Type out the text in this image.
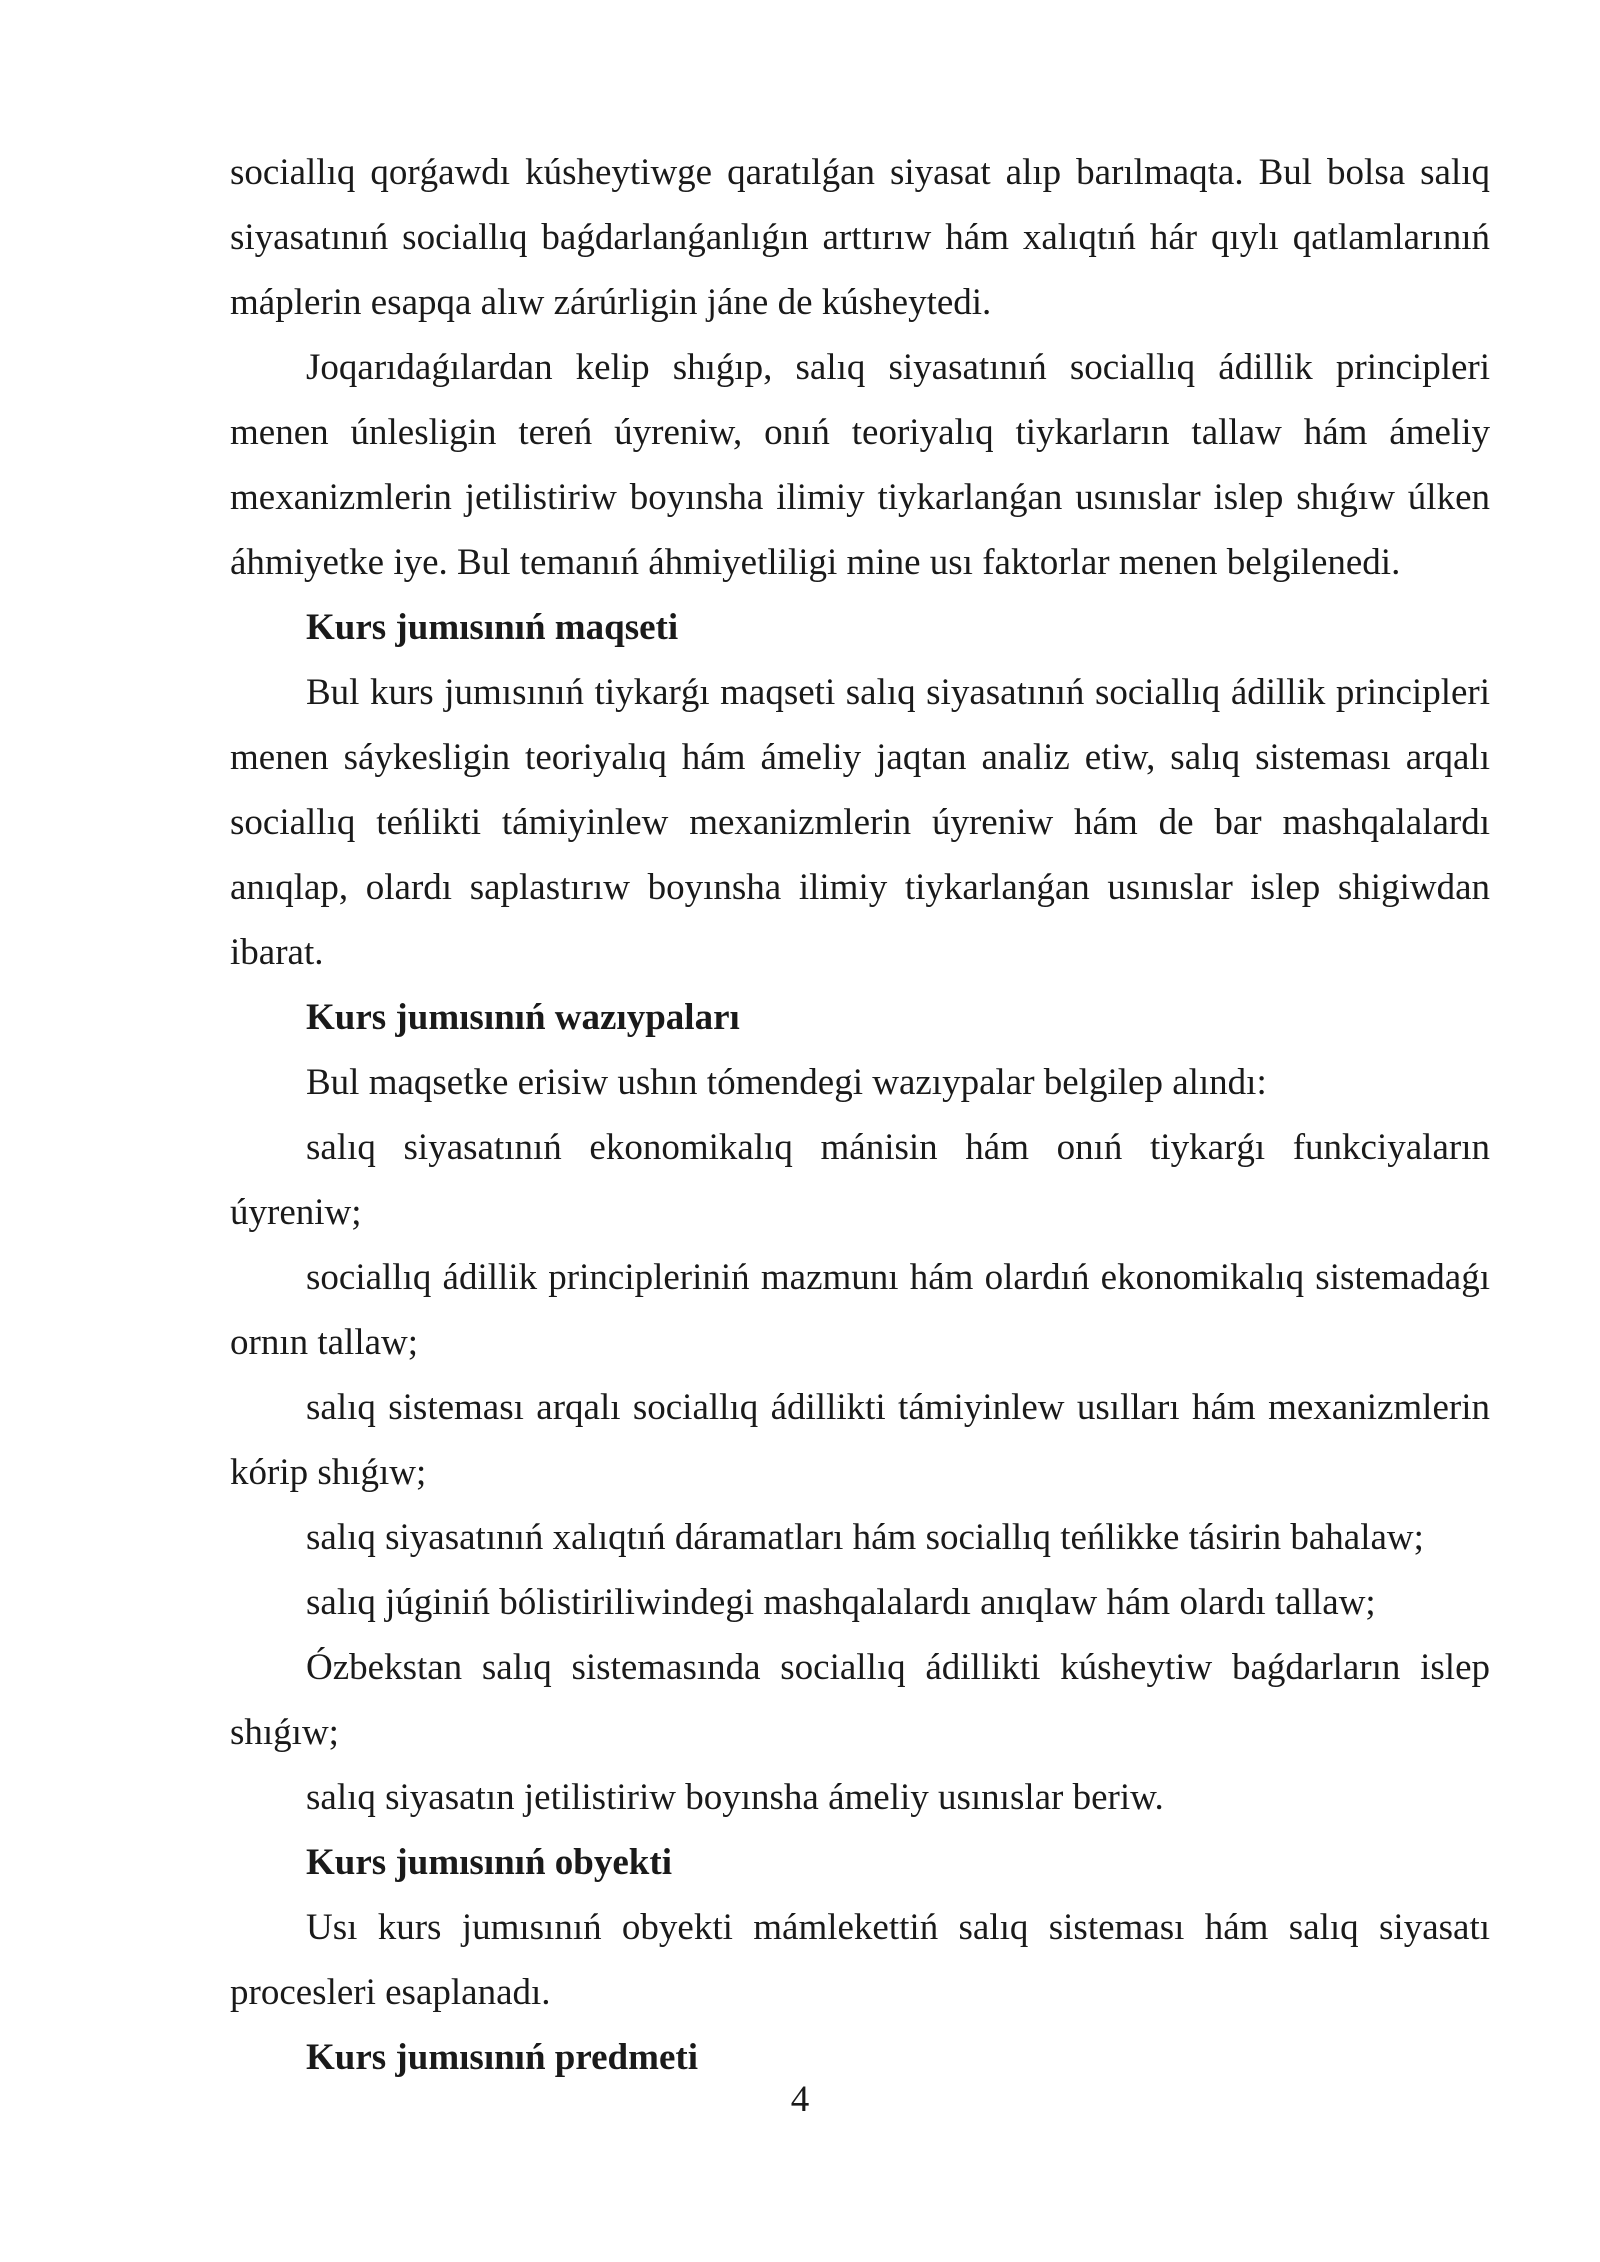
sociallıq qorǵawdı kúsheytiwge qaratılǵan siyasat alıp barılmaqta. Bul bolsa salıq siyasatınıń sociallıq baǵdarlanǵanlıǵın arttırıw hám xalıqtıń hár qıylı qatlamlarınıń máplerin esapqa alıw zárúrligin jáne de kúsheytedi.

Joqarıdaǵılardan kelip shıǵıp, salıq siyasatınıń sociallıq ádillik principleri menen únlesligin tereń úyreniw, onıń teoriyalıq tiykarların tallaw hám ámeliy mexanizmlerin jetilistiriw boyınsha ilimiy tiykarlanǵan usınıslar islep shıǵıw úlken áhmiyetke iye. Bul temanıń áhmiyetliligi mine usı faktorlar menen belgilenedi.

Kurs jumısınıń maqseti

Bul kurs jumısınıń tiykarǵı maqseti salıq siyasatınıń sociallıq ádillik principleri menen sáykesligin teoriyalıq hám ámeliy jaqtan analiz etiw, salıq sisteması arqalı sociallıq teńlikti támiyinlew mexanizmlerin úyreniw hám de bar mashqalalardı anıqlap, olardı saplastırıw boyınsha ilimiy tiykarlanǵan usınıslar islep shigiwdan ibarat.

Kurs jumısınıń wazıypaları

Bul maqsetke erisiw ushın tómendegi wazıypalar belgilep alındı:

salıq siyasatınıń ekonomikalıq mánisin hám onıń tiykarǵı funkciyaların úyreniw;

sociallıq ádillik principleriniń mazmunı hám olardıń ekonomikalıq sistemadaǵı ornın tallaw;

salıq sisteması arqalı sociallıq ádillikti támiyinlew usılları hám mexanizmlerin kórip shıǵıw;

salıq siyasatınıń xalıqtıń dáramatları hám sociallıq teńlikke tásirin bahalaw;

salıq júginiń bólistiriliwindegi mashqalalardı anıqlaw hám olardı tallaw;

Ózbekstan salıq sistemasında sociallıq ádillikti kúsheytiw baǵdarların islep shıǵıw;

salıq siyasatın jetilistiriw boyınsha ámeliy usınıslar beriw.

Kurs jumısınıń obyekti

Usı kurs jumısınıń obyekti mámlekettiń salıq sisteması hám salıq siyasatı procesleri esaplanadı.

Kurs jumısınıń predmeti

4
